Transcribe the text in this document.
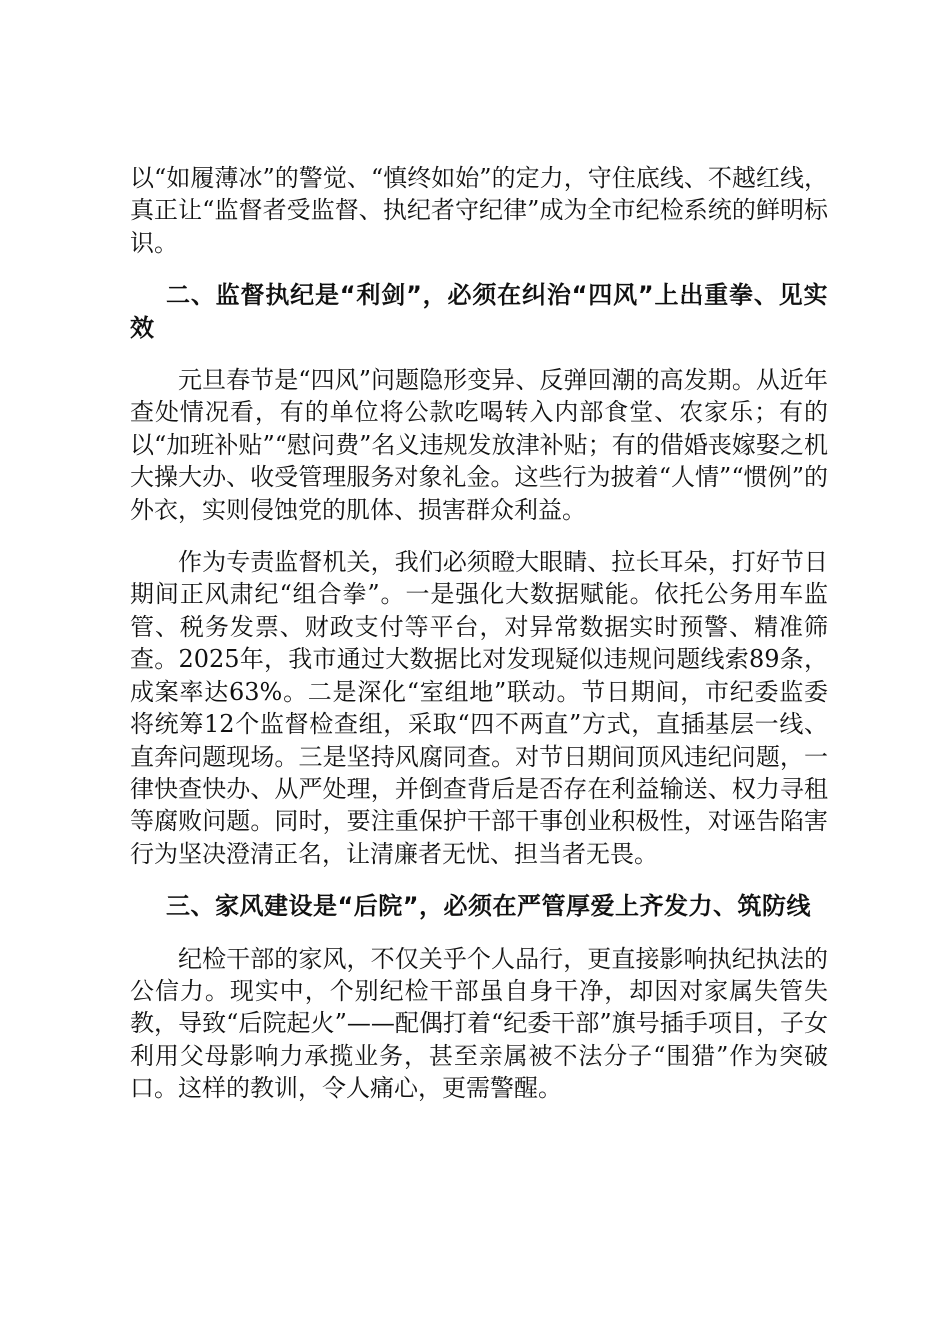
以“如履薄冰”的警觉、“慎终如始”的定力，守住底线、不越红线，真正让“监督者受监督、执纪者守纪律”成为全市纪检系统的鲜明标识。

二、监督执纪是“利剑”，必须在纠治“四风”上出重拳、见实效

元旦春节是“四风”问题隐形变异、反弹回潮的高发期。从近年查处情况看，有的单位将公款吃喝转入内部食堂、农家乐；有的以“加班补贴”“慰问费”名义违规发放津补贴；有的借婚丧嫁娶之机大操大办、收受管理服务对象礼金。这些行为披着“人情”“惯例”的外衣，实则侵蚀党的肌体、损害群众利益。

作为专责监督机关，我们必须瞪大眼睛、拉长耳朵，打好节日期间正风肃纪“组合拳”。一是强化大数据赋能。依托公务用车监管、税务发票、财政支付等平台，对异常数据实时预警、精准筛查。2025年，我市通过大数据比对发现疑似违规问题线索89条，成案率达63%。二是深化“室组地”联动。节日期间，市纪委监委将统筹12个监督检查组，采取“四不两直”方式，直插基层一线、直奔问题现场。三是坚持风腐同查。对节日期间顶风违纪问题，一律快查快办、从严处理，并倒查背后是否存在利益输送、权力寻租等腐败问题。同时，要注重保护干部干事创业积极性，对诬告陷害行为坚决澄清正名，让清廉者无忧、担当者无畏。

三、家风建设是“后院”，必须在严管厚爱上齐发力、筑防线

纪检干部的家风，不仅关乎个人品行，更直接影响执纪执法的公信力。现实中，个别纪检干部虽自身干净，却因对家属失管失教，导致“后院起火”——配偶打着“纪委干部”旗号插手项目，子女利用父母影响力承揽业务，甚至亲属被不法分子“围猎”作为突破口。这样的教训，令人痛心，更需警醒。
